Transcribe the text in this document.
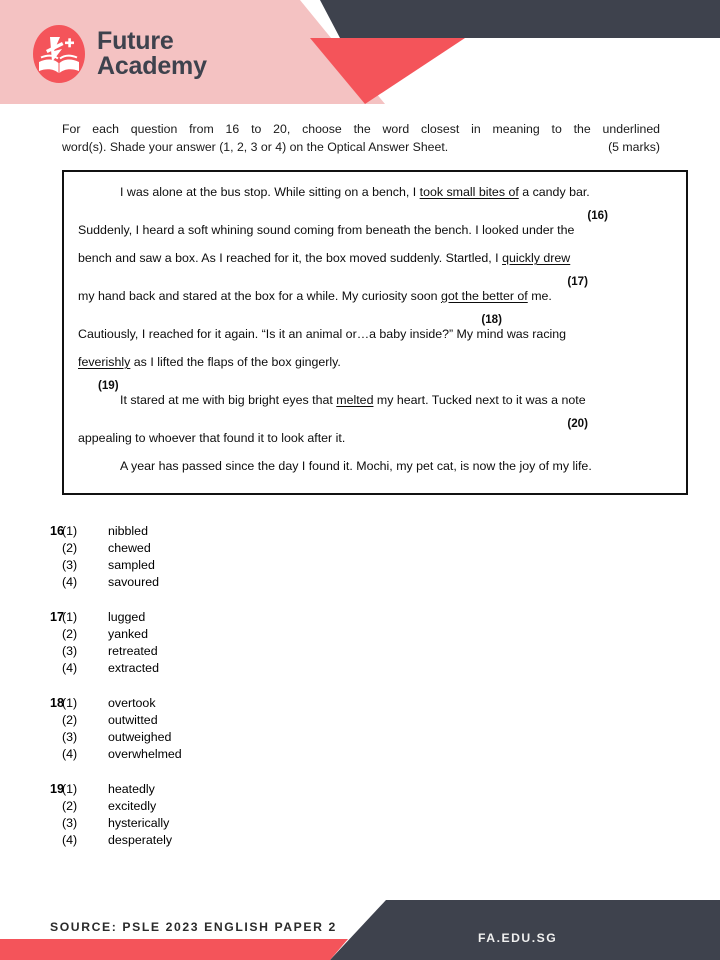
Future
Academy

For each question from 16 to 20, choose the word closest in meaning to the underlined

word(s). Shade your answer (1, 2, 3 or 4) on the Optical Answer Sheet.	(5 marks)

I was alone at the bus stop. While sitting on a bench, I took small bites of a candy bar.
(16)
Suddenly, I heard a soft whining sound coming from beneath the bench. I looked under the
bench and saw a box. As I reached for it, the box moved suddenly. Startled, I quickly drew
(17)
my hand back and stared at the box for a while. My curiosity soon got the better of me.
(18)
Cautiously, I reached for it again. “Is it an animal or…a baby inside?” My mind was racing
feverishly as I lifted the flaps of the box gingerly.
(19)
It stared at me with big bright eyes that melted my heart. Tucked next to it was a note
(20)
appealing to whoever that found it to look after it.
A year has passed since the day I found it. Mochi, my pet cat, is now the joy of my life.
16
(1)	nibbled
(2)	chewed
(3)	sampled
(4)	savoured
17
(1)	lugged
(2)	yanked
(3)	retreated
(4)	extracted
18
(1)	overtook
(2)	outwitted
(3)	outweighed
(4)	overwhelmed
19
(1)	heatedly
(2)	excitedly
(3)	hysterically
(4)	desperately
SOURCE: PSLE 2023 ENGLISH PAPER 2
FA.EDU.SG
